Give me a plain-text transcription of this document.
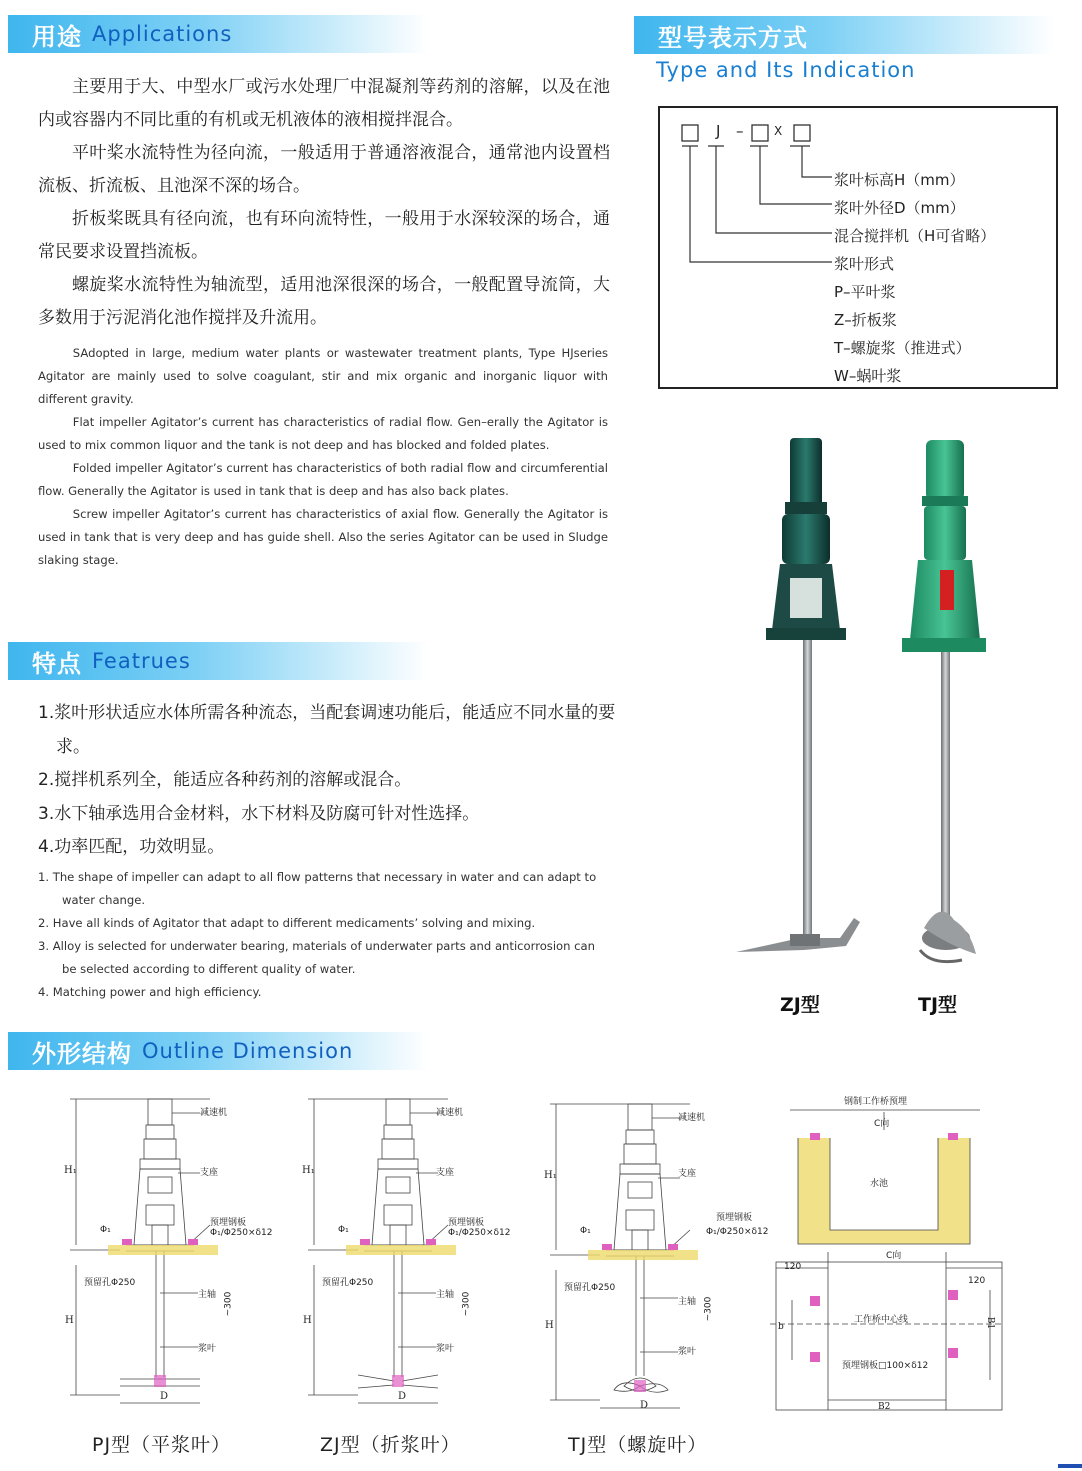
用途 Applications

主要用于大、中型水厂或污水处理厂中混凝剂等药剂的溶解，以及在池内或容器内不同比重的有机或无机液体的液相搅拌混合。

平叶桨水流特性为径向流，一般适用于普通溶液混合，通常池内设置档流板、折流板、且池深不深的场合。

折板桨既具有径向流，也有环向流特性，一般用于水深较深的场合，通常民要求设置挡流板。

螺旋桨水流特性为轴流型，适用池深很深的场合，一般配置导流筒，大多数用于污泥消化池作搅拌及升流用。

SAdopted in large, medium water plants or wastewater treatment plants, Type HJseries Agitator are mainly used to solve coagulant, stir and mix organic and inorganic liquor with different gravity.

Flat impeller Agitator’s current has characteristics of radial flow. Gen–erally the Agitator is used to mix common liquor and the tank is not deep and has blocked and folded plates.

Folded impeller Agitator’s current has characteristics of both radial flow and circumferential flow. Generally the Agitator is used in tank that is deep and has also back plates.

Screw impeller Agitator’s current has characteristics of axial flow. Generally the Agitator is used in tank that is very deep and has guide shell. Also the series Agitator can be used in Sludge slaking stage.

特点 Featrues
1.浆叶形状适应水体所需各种流态，当配套调速功能后，能适应不同水量的要求。
2.搅拌机系列全，能适应各种药剂的溶解或混合。
3.水下轴承选用合金材料，水下材料及防腐可针对性选择。
4.功率匹配，功效明显。
1. The shape of impeller can adapt to all flow patterns that necessary in water and can adapt to water change.
2. Have all kinds of Agitator that adapt to different medicaments’ solving and mixing.
3. Alloy is selected for underwater bearing, materials of underwater parts and anticorrosion can be selected according to different quality of water.
4. Matching power and high efficiency.
型号表示方式
Type and Its Indication
J –	X
浆叶标高H（mm）
浆叶外径D（mm）
混合搅拌机（H可省略）
浆叶形式
P–平叶浆
Z–折板浆
T–螺旋浆（推进式）
W–蜗叶浆
ZJ型	TJ型
外形结构 Outline Dimension
H₁
H
减速机
支座
预埋钢板
Φ₁/Φ250×δ12
Φ₁
预留孔Φ250
主轴 ~300
浆叶
D
H₁
H
减速机
支座
预埋钢板
Φ₁/Φ250×δ12
Φ₁
预留孔Φ250
主轴 ~300
浆叶
D
H₁
H
减速机
支座
预埋钢板
Φ₁/Φ250×δ12
Φ₁
预留孔Φ250
主轴 ~300
浆叶
D
钢制工作桥预埋
C向
水池
C向
120
120
工作桥中心线
预埋钢板□100×δ12
b	B1
B2
PJ型（平浆叶）	ZJ型（折浆叶）	TJ型（螺旋叶）
